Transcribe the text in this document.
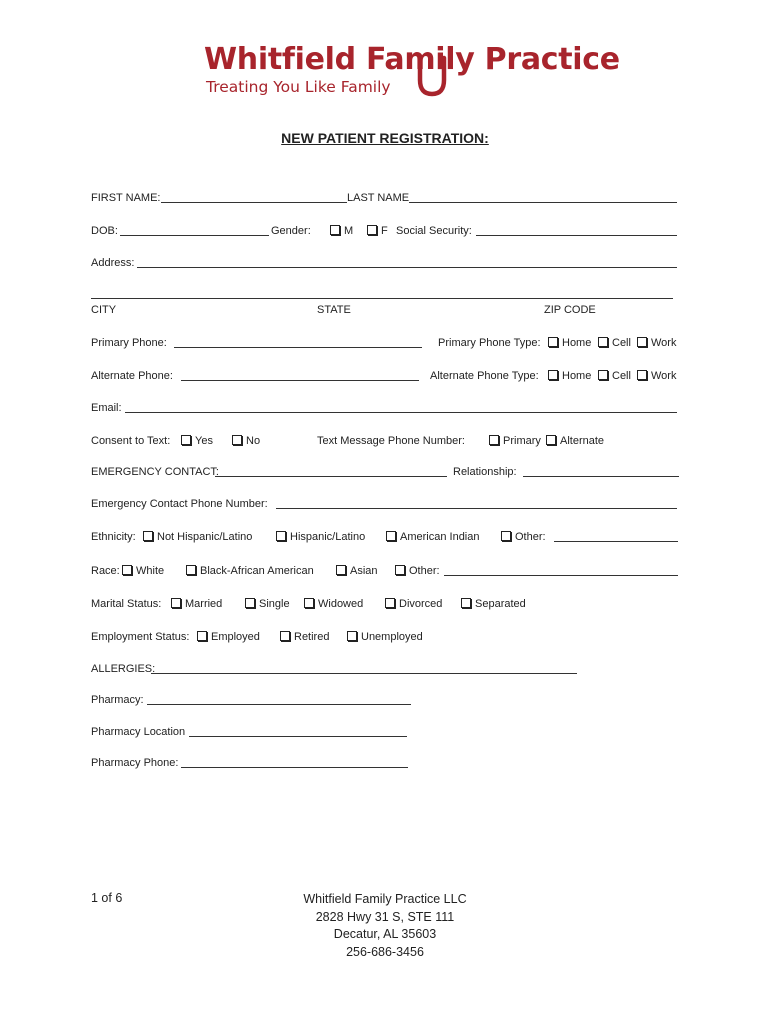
Whitfield Family Practice
Treating You Like Family
NEW PATIENT REGISTRATION:
FIRST NAME:	LAST NAME
DOB:	Gender:	M	F Social Security:
Address:
CITY	STATE	ZIP CODE
Primary Phone:	Primary Phone Type:	Home	Cell	Work
Alternate Phone:	Alternate Phone Type:	Home	Cell	Work
Email:
Consent to Text:	Yes	No	Text Message Phone Number:	Primary	Alternate
EMERGENCY CONTACT:	Relationship:
Emergency Contact Phone Number:
Ethnicity:	Not Hispanic/Latino	Hispanic/Latino	American Indian	Other:
Race:	White	Black-African American	Asian	Other:
Marital Status:	Married	Single	Widowed	Divorced	Separated
Employment Status:	Employed	Retired	Unemployed
ALLERGIES:
Pharmacy:
Pharmacy Location
Pharmacy Phone:
1 of 6	Whitfield Family Practice LLC
2828 Hwy 31 S, STE 111
Decatur, AL 35603
256-686-3456
